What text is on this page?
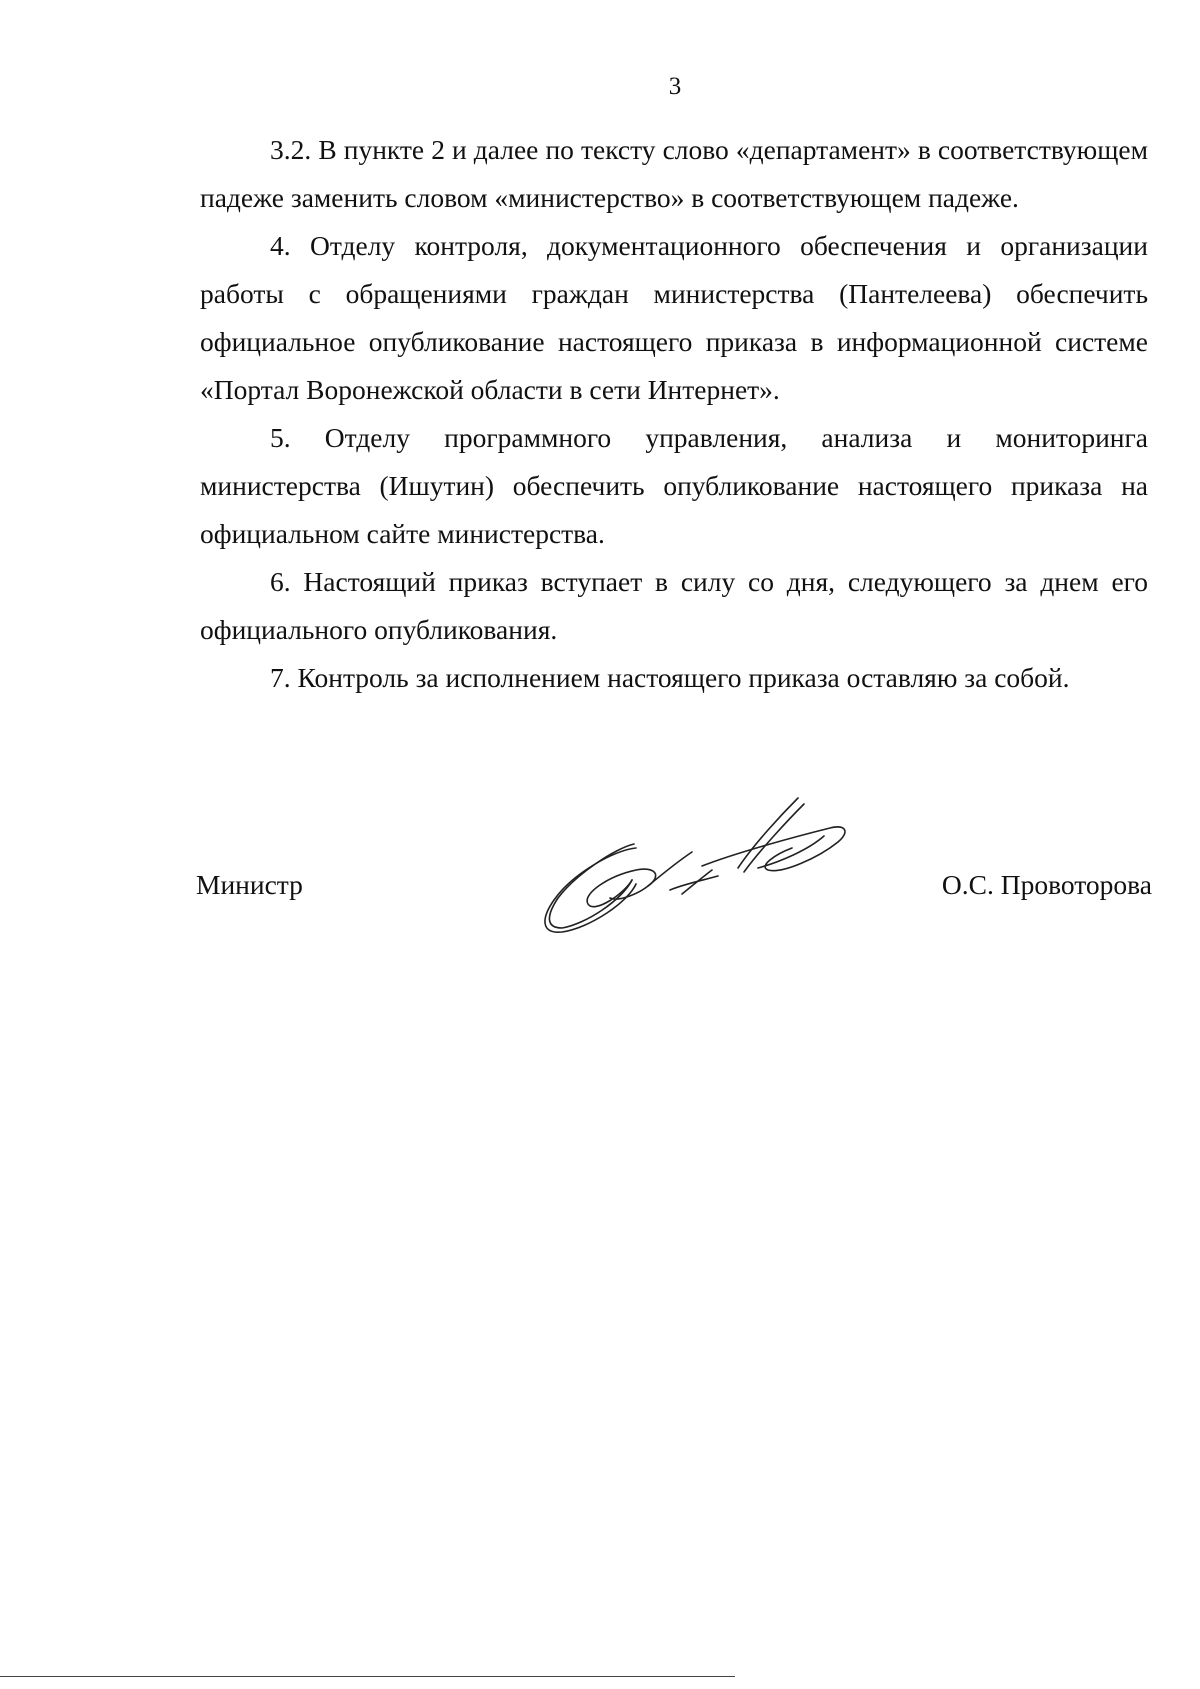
3

3.2. В пункте 2 и далее по тексту слово «департамент» в соответствующем падеже заменить словом «министерство» в соответствующем падеже.

4. Отделу контроля, документационного обеспечения и организации работы с обращениями граждан министерства (Пантелеева) обеспечить официальное опубликование настоящего приказа в информационной системе «Портал Воронежской области в сети Интернет».

5. Отделу программного управления, анализа и мониторинга министерства (Ишутин) обеспечить опубликование настоящего приказа на официальном сайте министерства.

6. Настоящий приказ вступает в силу со дня, следующего за днем его официального опубликования.

7. Контроль за исполнением настоящего приказа оставляю за собой.

Министр	О.С. Провоторова
